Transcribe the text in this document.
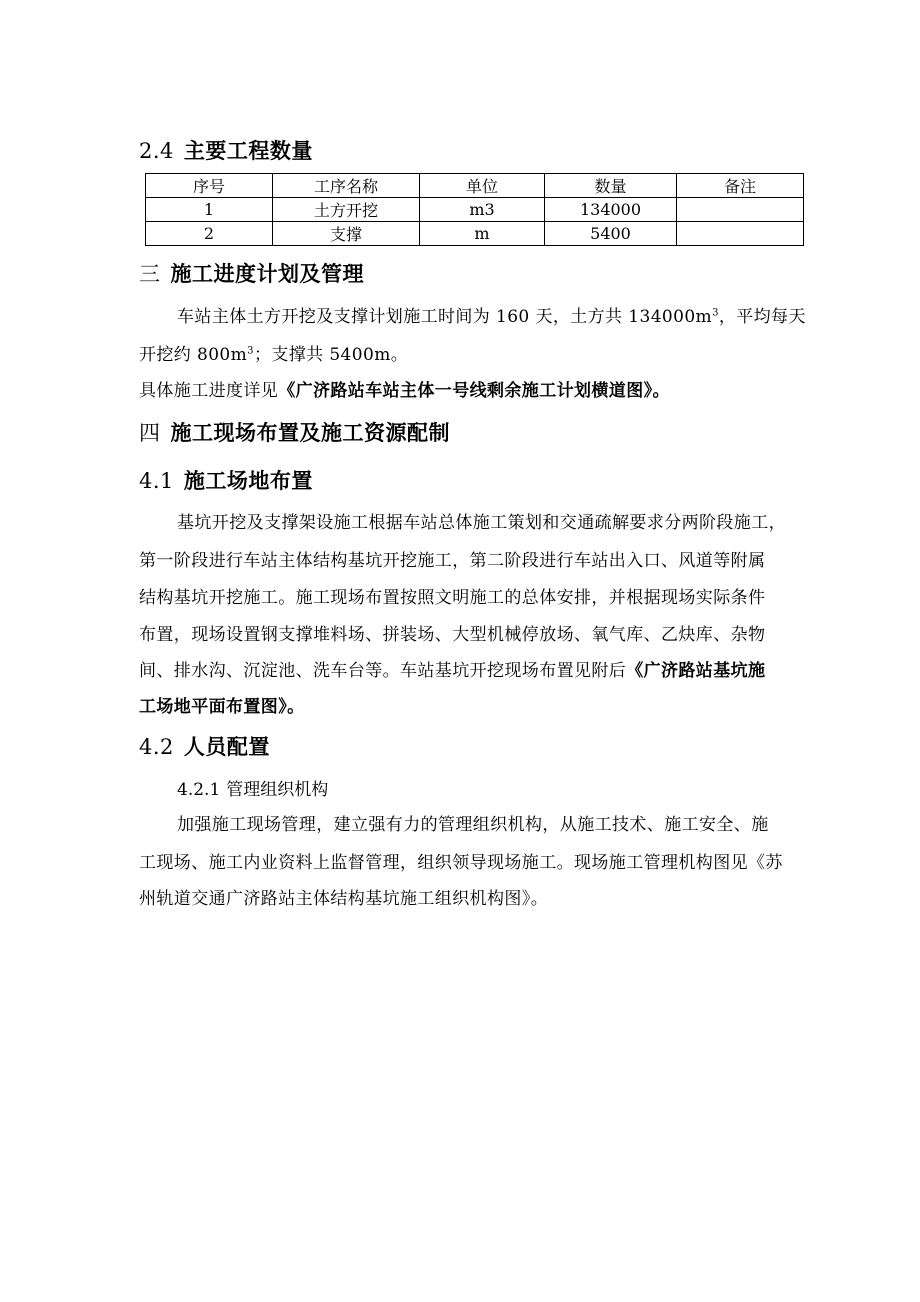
2.4 主要工程数量
序号	工序名称	单位	数量	备注
1	土方开挖	m3	134000	
2	支撑	m	5400	
三 施工进度计划及管理
车站主体土方开挖及支撑计划施工时间为 160 天，土方共 $134000m^3$，平均每天
开挖约 $800m^3$；支撑共 5400m。
具体施工进度详见《广济路站车站主体一号线剩余施工计划横道图》。
四 施工现场布置及施工资源配制
4.1 施工场地布置
基坑开挖及支撑架设施工根据车站总体施工策划和交通疏解要求分两阶段施工，
第一阶段进行车站主体结构基坑开挖施工，第二阶段进行车站出入口、风道等附属
结构基坑开挖施工。施工现场布置按照文明施工的总体安排，并根据现场实际条件
布置，现场设置钢支撑堆料场、拼装场、大型机械停放场、氧气库、乙炔库、杂物
间、排水沟、沉淀池、洗车台等。车站基坑开挖现场布置见附后《广济路站基坑施
工场地平面布置图》。
4.2 人员配置
4.2.1 管理组织机构
加强施工现场管理，建立强有力的管理组织机构，从施工技术、施工安全、施
工现场、施工内业资料上监督管理，组织领导现场施工。现场施工管理机构图见《苏
州轨道交通广济路站主体结构基坑施工组织机构图》。
